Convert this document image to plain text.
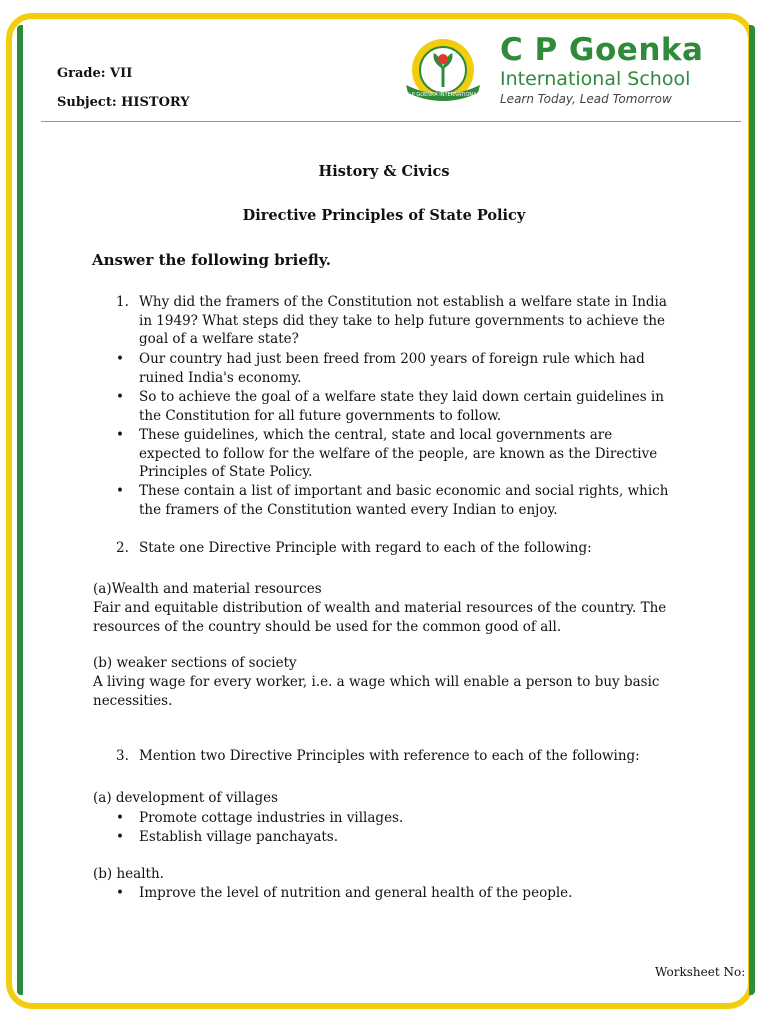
Grade: VII
Subject: HISTORY	C P GOENKA INTERNATIONAL
C P Goenka
International School
Learn Today, Lead Tomorrow
History & Civics
Directive Principles of State Policy
Answer the following briefly.
1. Why did the framers of the Constitution not establish a welfare state in India in 1949? What steps did they take to help future governments to achieve the goal of a welfare state?
• Our country had just been freed from 200 years of foreign rule which had ruined India's economy.
• So to achieve the goal of a welfare state they laid down certain guidelines in the Constitution for all future governments to follow.
• These guidelines, which the central, state and local governments are expected to follow for the welfare of the people, are known as the Directive Principles of State Policy.
• These contain a list of important and basic economic and social rights, which the framers of the Constitution wanted every Indian to enjoy.
2. State one Directive Principle with regard to each of the following:
(a)Wealth and material resources
Fair and equitable distribution of wealth and material resources of the country. The resources of the country should be used for the common good of all.
(b) weaker sections of society
A living wage for every worker, i.e. a wage which will enable a person to buy basic necessities.
3. Mention two Directive Principles with reference to each of the following:
(a) development of villages
• Promote cottage industries in villages.
• Establish village panchayats.
(b) health.
• Improve the level of nutrition and general health of the people.
Worksheet No:
